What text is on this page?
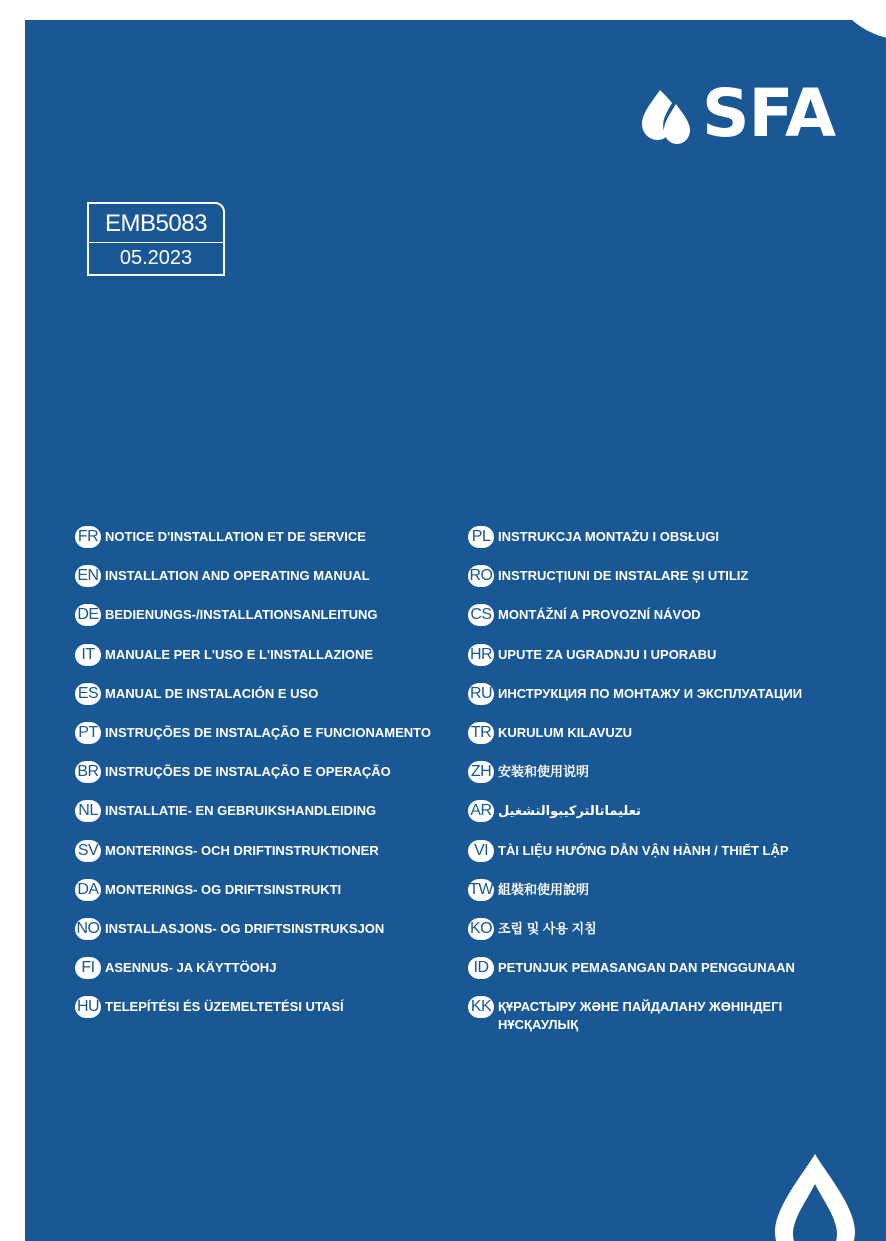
SFA
EMB5083
05.2023
FR NOTICE D'INSTALLATION ET DE SERVICE
EN INSTALLATION AND OPERATING MANUAL
DE BEDIENUNGS-/INSTALLATIONSANLEITUNG
IT MANUALE PER L'USO E L'INSTALLAZIONE
ES MANUAL DE INSTALACIÓN E USO
PT INSTRUÇÕES DE INSTALAÇÃO E FUNCIONAMENTO
BR INSTRUÇÕES DE INSTALAÇÃO E OPERAÇÃO
NL INSTALLATIE- EN GEBRUIKSHANDLEIDING
SV MONTERINGS- OCH DRIFTINSTRUKTIONER
DA MONTERINGS- OG DRIFTSINSTRUKTI
NO INSTALLASJONS- OG DRIFTSINSTRUKSJON
FI ASENNUS- JA KÄYTTÖOHJ
HU TELEPÍTÉSI ÉS ÜZEMELTETÉSI UTASÍ
PL INSTRUKCJA MONTAŻU I OBSŁUGI
RO INSTRUCȚIUNI DE INSTALARE ȘI UTILIZ
CS MONTÁŽNÍ A PROVOZNÍ NÁVOD
HR UPUTE ZA UGRADNJU I UPORABU
RU ИНСТРУКЦИЯ ПО МОНТАЖУ И ЭКСПЛУАТАЦИИ
TR KURULUM KILAVUZU
ZH 安装和使用说明
AR تعليماتالتركيبوالتشغيل
VI TÀI LIỆU HƯỚNG DẪN VẬN HÀNH / THIẾT LẬP
TW 組裝和使用說明
KO 조립 및 사용 지침
ID PETUNJUK PEMASANGAN DAN PENGGUNAAN
KK ҚҰРАСТЫРУ ЖӘНЕ ПАЙДАЛАНУ ЖӨНІНДЕГІ НҰСҚАУЛЫҚ
